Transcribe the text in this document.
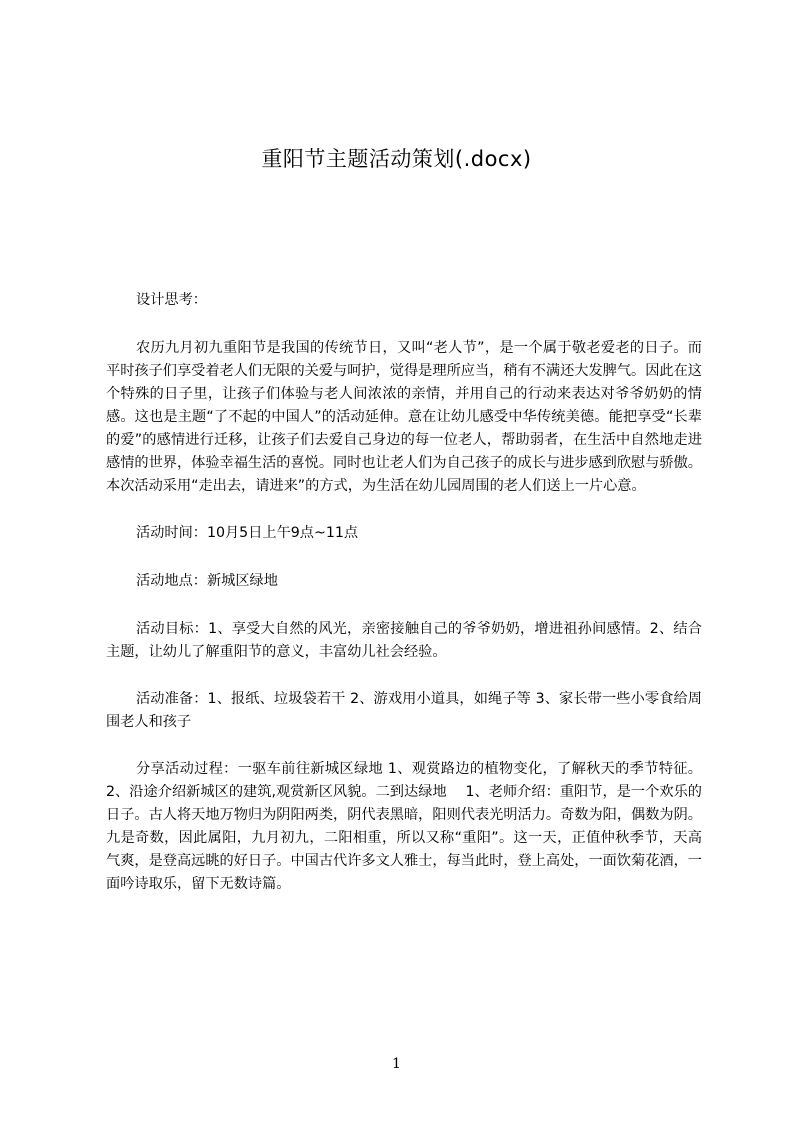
重阳节主题活动策划(.docx)

设计思考：

农历九月初九重阳节是我国的传统节日，又叫“老人节”，是一个属于敬老爱老的日子。而平时孩子们享受着老人们无限的关爱与呵护，觉得是理所应当，稍有不满还大发脾气。因此在这个特殊的日子里，让孩子们体验与老人间浓浓的亲情，并用自己的行动来表达对爷爷奶奶的情感。这也是主题“了不起的中国人”的活动延伸。意在让幼儿感受中华传统美德。能把享受“长辈的爱”的感情进行迁移，让孩子们去爱自己身边的每一位老人，帮助弱者，在生活中自然地走进感情的世界，体验幸福生活的喜悦。同时也让老人们为自己孩子的成长与进步感到欣慰与骄傲。本次活动采用“走出去，请进来”的方式，为生活在幼儿园周围的老人们送上一片心意。

活动时间：10月5日上午9点~11点

活动地点：新城区绿地

活动目标：1、享受大自然的风光，亲密接触自己的爷爷奶奶，增进祖孙间感情。2、结合主题，让幼儿了解重阳节的意义，丰富幼儿社会经验。

活动准备：1、报纸、垃圾袋若干 2、游戏用小道具，如绳子等 3、家长带一些小零食给周围老人和孩子

分享活动过程：一驱车前往新城区绿地 1、观赏路边的植物变化，了解秋天的季节特征。2、沿途介绍新城区的建筑,观赏新区风貌。二到达绿地　 1、老师介绍：重阳节，是一个欢乐的日子。古人将天地万物归为阴阳两类，阴代表黑暗，阳则代表光明活力。奇数为阳，偶数为阴。九是奇数，因此属阳，九月初九，二阳相重，所以又称“重阳”。这一天，正值仲秋季节，天高气爽，是登高远眺的好日子。中国古代许多文人雅士，每当此时，登上高处，一面饮菊花酒，一面吟诗取乐，留下无数诗篇。

1
